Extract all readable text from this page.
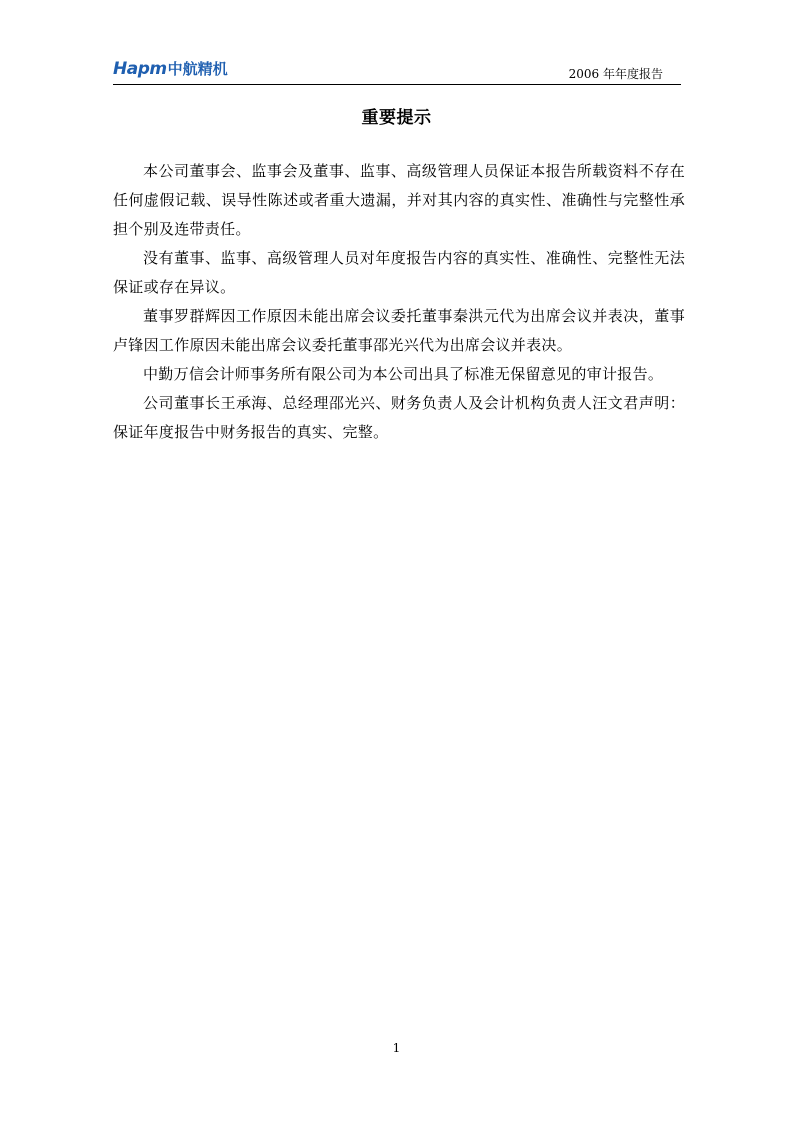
Hapm 中航精机	2006 年年度报告
重要提示

本公司董事会、监事会及董事、监事、高级管理人员保证本报告所载资料不存在任何虚假记载、误导性陈述或者重大遗漏，并对其内容的真实性、准确性与完整性承担个别及连带责任。

没有董事、监事、高级管理人员对年度报告内容的真实性、准确性、完整性无法保证或存在异议。

董事罗群辉因工作原因未能出席会议委托董事秦洪元代为出席会议并表决，董事卢锋因工作原因未能出席会议委托董事邵光兴代为出席会议并表决。

中勤万信会计师事务所有限公司为本公司出具了标准无保留意见的审计报告。

公司董事长王承海、总经理邵光兴、财务负责人及会计机构负责人汪文君声明：保证年度报告中财务报告的真实、完整。

1
